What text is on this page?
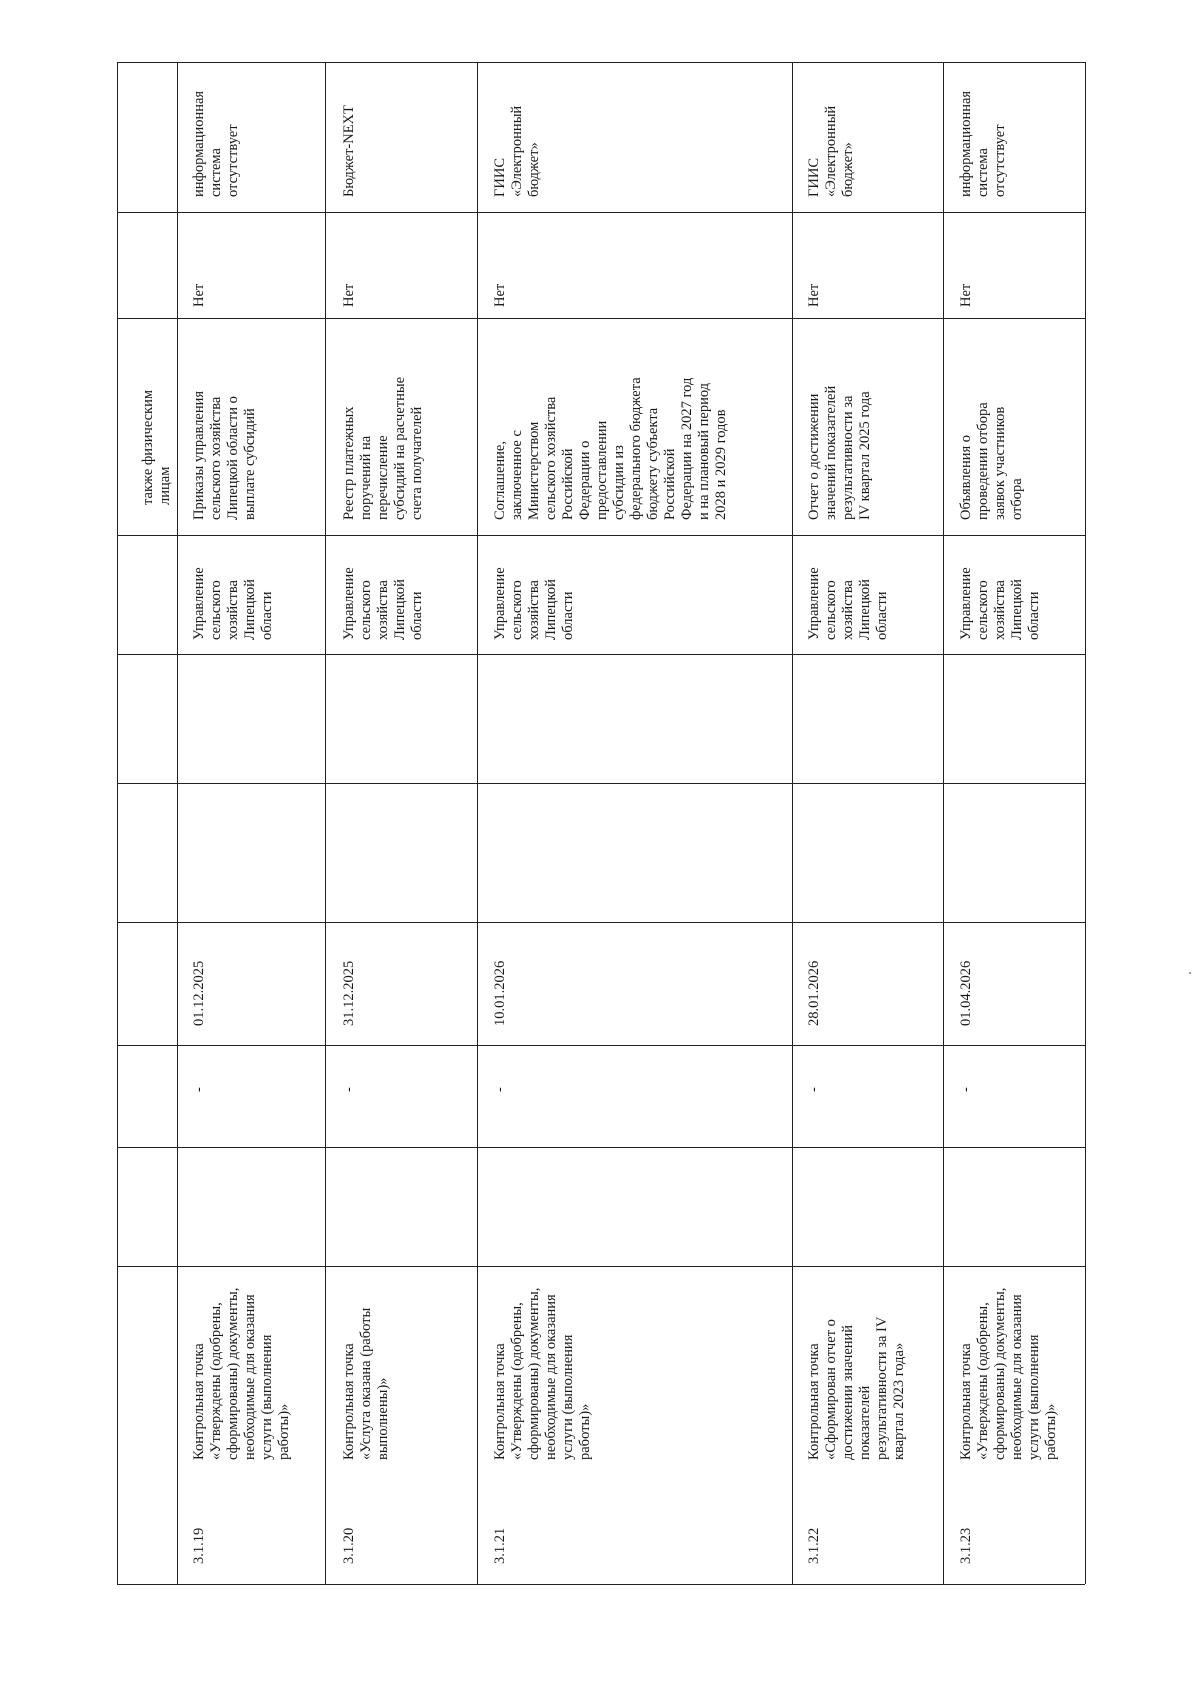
также физическим
лицам
3.1.19
Контрольная точка
«Утверждены (одобрены,
сформированы) документы,
необходимые для оказания
услуги (выполнения
работы)»
-
01.12.2025
Управление
сельского
хозяйства
Липецкой
области
Приказы управления
сельского хозяйства
Липецкой области о
выплате субсидий
Нет
информационная
система
отсутствует
3.1.20
Контрольная точка
«Услуга оказана (работы
выполнены)»
-
31.12.2025
Управление
сельского
хозяйства
Липецкой
области
Реестр платежных
поручений на
перечисление
субсидий на расчетные
счета получателей
Нет
Бюджет-NEXT
3.1.21
Контрольная точка
«Утверждены (одобрены,
сформированы) документы,
необходимые для оказания
услуги (выполнения
работы)»
-
10.01.2026
Управление
сельского
хозяйства
Липецкой
области
Соглашение,
заключенное с
Министерством
сельского хозяйства
Российской
Федерации о
предоставлении
субсидии из
федерального бюджета
бюджету субъекта
Российской
Федерации на 2027 год
и на плановый период
2028 и 2029 годов
Нет
ГИИС
«Электронный
бюджет»
3.1.22
Контрольная точка
«Сформирован отчет о
достижении значений
показателей
результативности за IV
квартал 2023 года»
-
28.01.2026
Управление
сельского
хозяйства
Липецкой
области
Отчет о достижении
значений показателей
результативности за
IV квартал 2025 года
Нет
ГИИС
«Электронный
бюджет»
3.1.23
Контрольная точка
«Утверждены (одобрены,
сформированы) документы,
необходимые для оказания
услуги (выполнения
работы)»
-
01.04.2026
Управление
сельского
хозяйства
Липецкой
области
Объявления о
проведении отбора
заявок участников
отбора
Нет
информационная
система
отсутствует
